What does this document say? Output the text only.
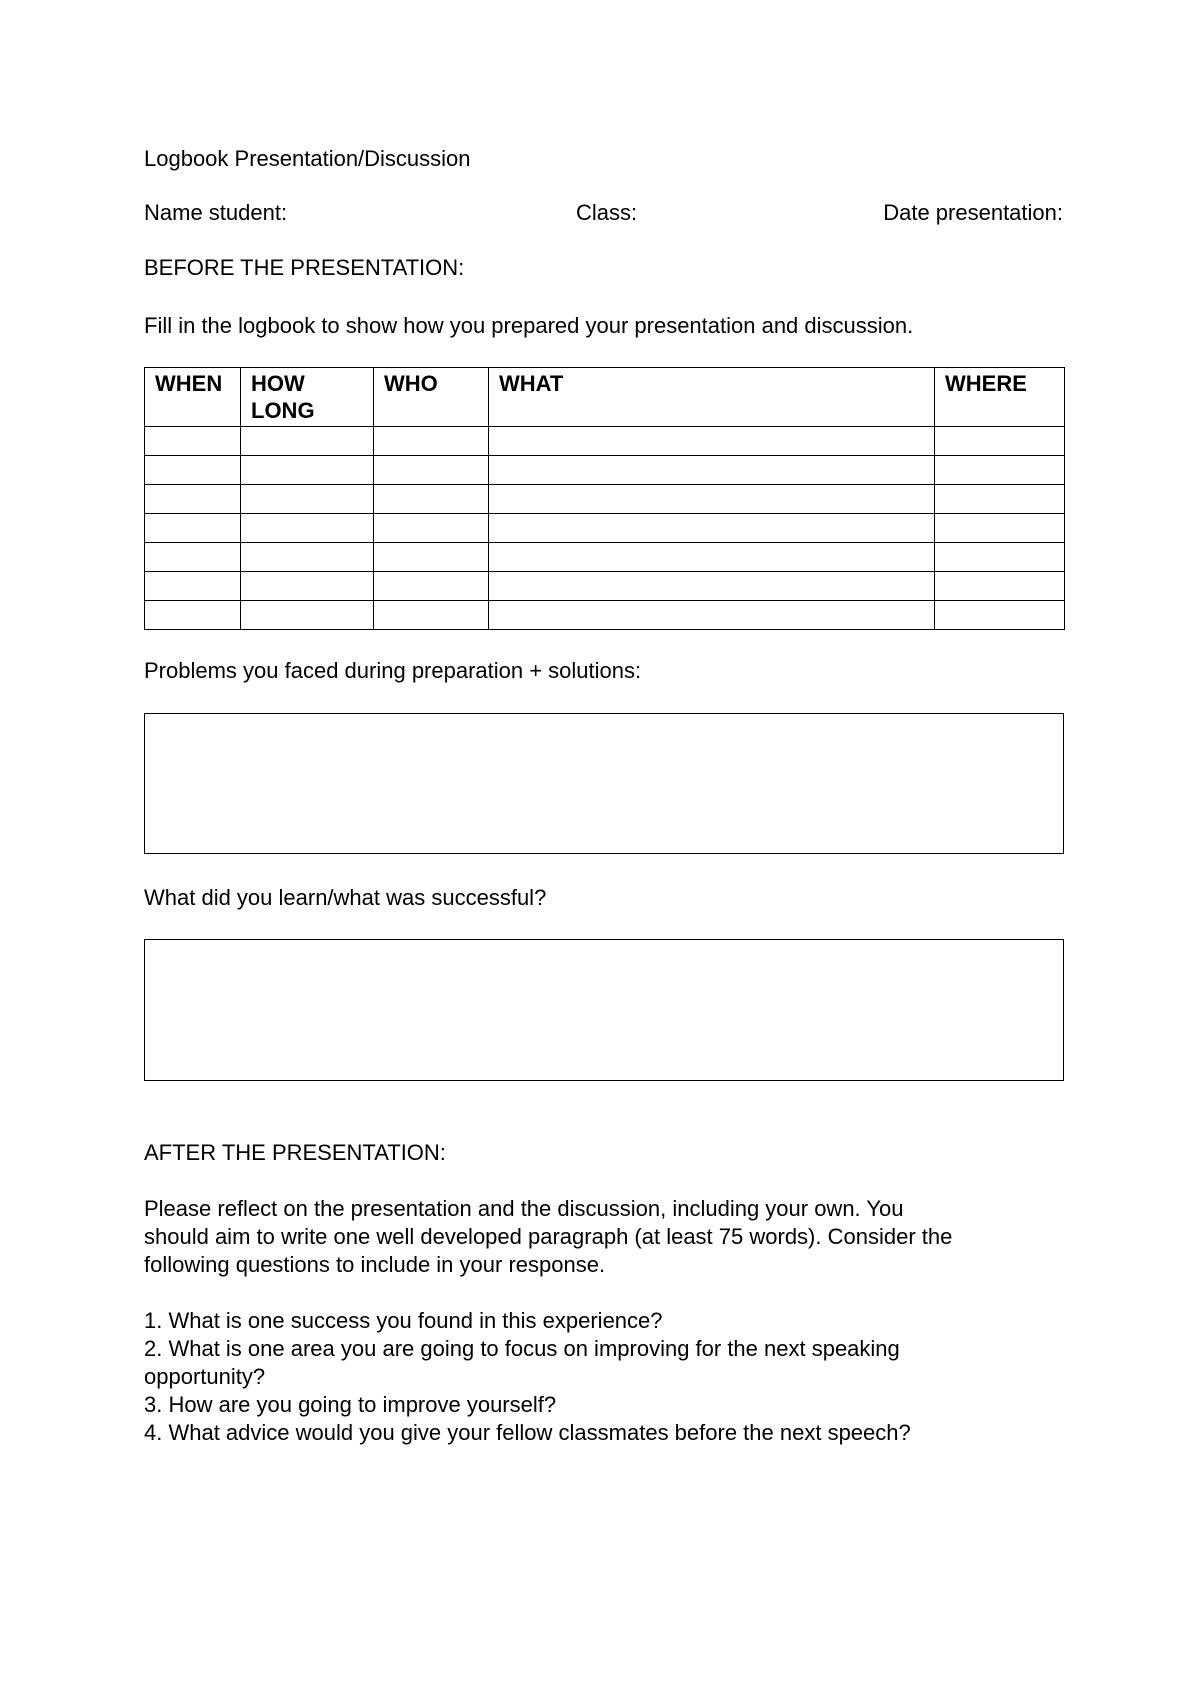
Logbook Presentation/Discussion
Name student:	Class:	Date presentation:
BEFORE THE PRESENTATION:
Fill in the logbook to show how you prepared your presentation and discussion.
WHEN	HOW LONG	WHO	WHAT	WHERE

Problems you faced during preparation + solutions:
What did you learn/what was successful?
AFTER THE PRESENTATION:

Please reflect on the presentation and the discussion, including your own. You

should aim to write one well developed paragraph (at least 75 words). Consider the

following questions to include in your response.

1. What is one success you found in this experience?
2. What is one area you are going to focus on improving for the next speaking opportunity?
3. How are you going to improve yourself?
4. What advice would you give your fellow classmates before the next speech?
